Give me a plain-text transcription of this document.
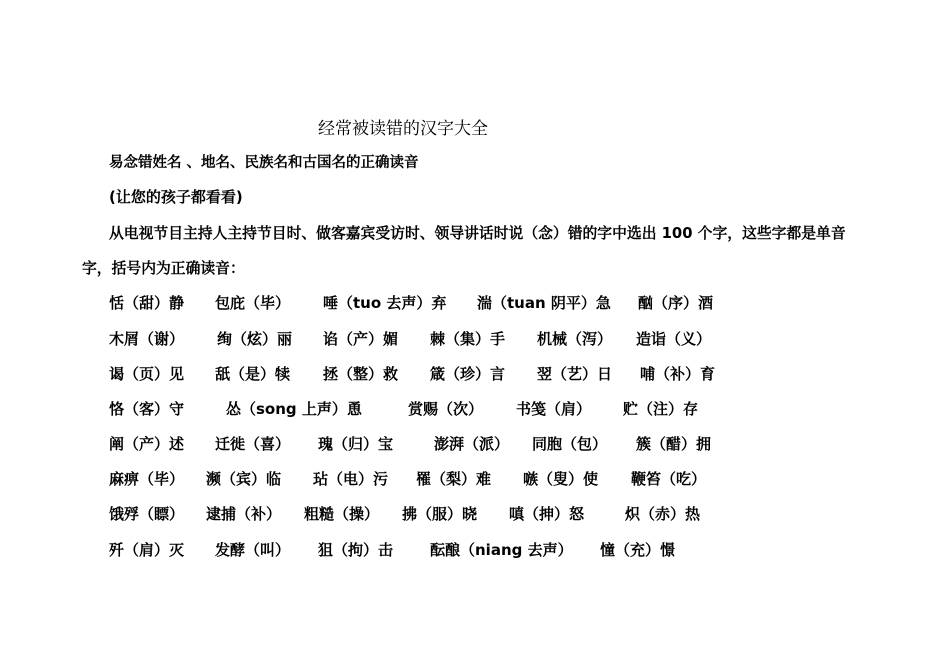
经常被读错的汉字大全
易念错姓名 、地名、民族名和古国名的正确读音
(让您的孩子都看看)
从电视节目主持人主持节目时、做客嘉宾受访时、领导讲话时说（念）错的字中选出 100 个字，这些字都是单音
字，括号内为正确读音：
恬（甜）静 包庇（毕） 唾（tuo 去声）弃 湍（tuan 阴平）急 酗（序）酒
木屑（谢） 绚（炫）丽 谄（产）媚 棘（集）手 机械（泻） 造诣（义）
谒（页）见 舐（是）犊 拯（整）救 箴（珍）言 翌（艺）日 哺（补）育
恪（客）守	怂（song 上声）恿	赏赐（次） 书笺（肩） 贮（注）存
阐（产）述 迁徙（喜） 瑰（归）宝	澎湃（派） 同胞（包） 簇（醋）拥
麻痹（毕） 濒（宾）临 玷（电）污 罹（梨）难 嗾（叟）使 鞭笞（吃）
饿殍（瞟） 逮捕（补） 粗糙（操） 拂（服）晓 嗔（抻）怒	炽（赤）热
歼（肩）灭 发酵（叫） 狙（拘）击 酝酿（niang 去声） 憧（充）憬
